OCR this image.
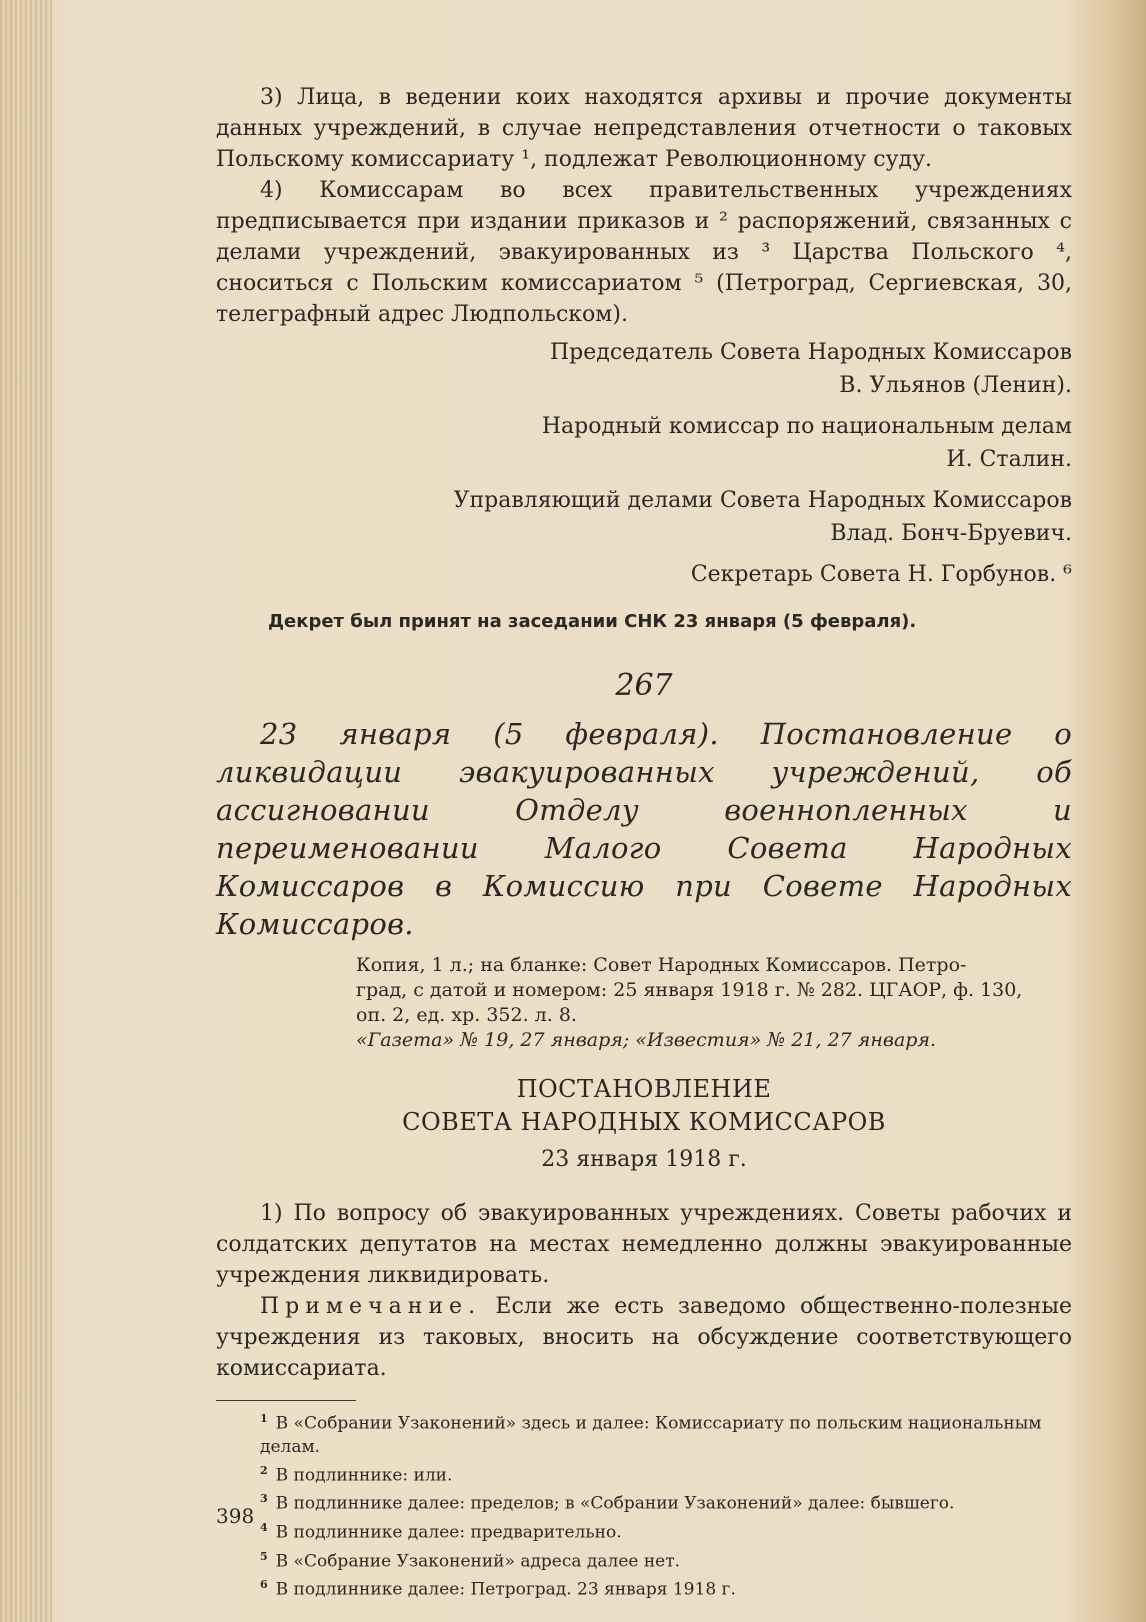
3) Лица, в ведении коих находятся архивы и прочие документы данных учреждений, в случае непредставления отчетности о таковых Польскому комиссариату ¹, подлежат Революционному суду.

4) Комиссарам во всех правительственных учреждениях предписывается при издании приказов и ² распоряжений, связанных с делами учреждений, эвакуированных из ³ Царства Польского ⁴, сноситься с Польским комиссариатом ⁵ (Петроград, Сергиевская, 30, телеграфный адрес Людпольском).

Председатель Совета Народных Комиссаров
В. Ульянов (Ленин).
Народный комиссар по национальным делам
И. Сталин.
Управляющий делами Совета Народных Комиссаров
Влад. Бонч-Бруевич.
Секретарь Совета Н. Горбунов. ⁶
Декрет был принят на заседании СНК 23 января (5 февраля).
267
23 января (5 февраля). Постановление о ликвидации эвакуированных учреждений, об ассигновании Отделу военнопленных и переименовании Малого Совета Народных Комиссаров в Комиссию при Совете Народных Комиссаров.
Копия, 1 л.; на бланке: Совет Народных Комиссаров. Петро-
град, с датой и номером: 25 января 1918 г. № 282. ЦГАОР, ф. 130,
оп. 2, ед. хр. 352. л. 8.
«Газета» № 19, 27 января; «Известия» № 21, 27 января.
ПОСТАНОВЛЕНИЕ
СОВЕТА НАРОДНЫХ КОМИССАРОВ
23 января 1918 г.

1) По вопросу об эвакуированных учреждениях. Советы рабочих и солдатских депутатов на местах немедленно должны эвакуированные учреждения ликвидировать.

Примечание. Если же есть заведомо общественно-полезные учреждения из таковых, вносить на обсуждение соответствующего комиссариата.

$^1$ В «Собрании Узаконений» здесь и далее: Комиссариату по польским национальным делам.
$^2$ В подлиннике: или.
$^3$ В подлиннике далее: пределов; в «Собрании Узаконений» далее: бывшего.
$^4$ В подлиннике далее: предварительно.
$^5$ В «Собрание Узаконений» адреса далее нет.
$^6$ В подлиннике далее: Петроград. 23 января 1918 г.
398
